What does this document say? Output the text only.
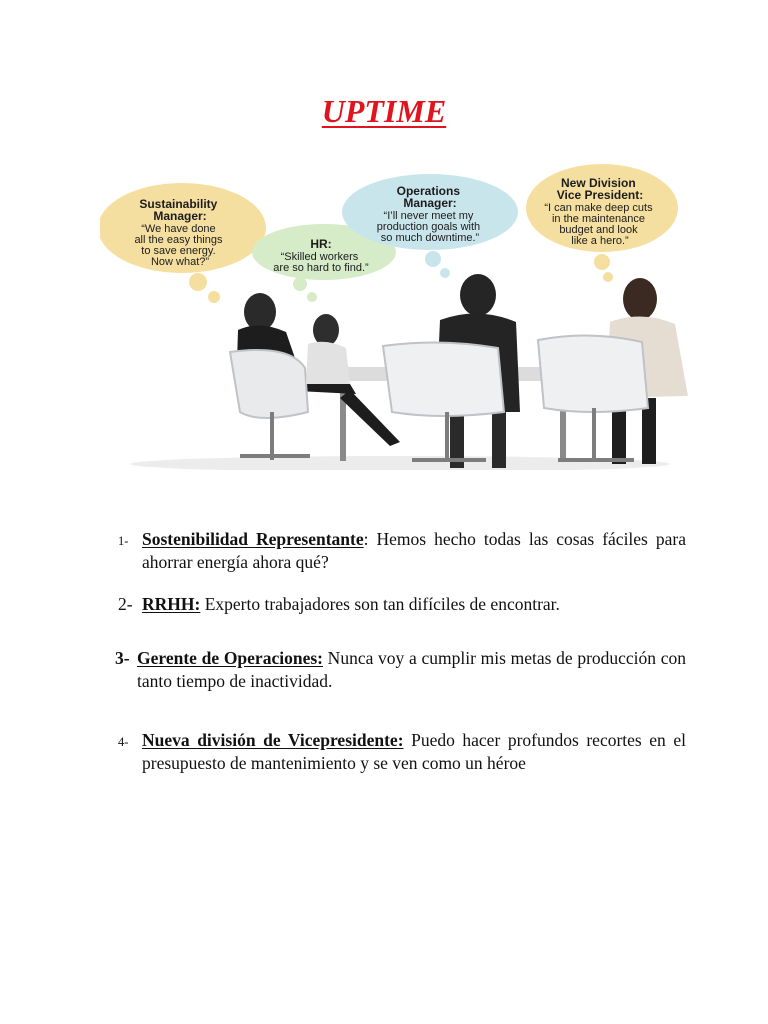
UPTIME
Sustainability Manager:
“We have done all the easy things to save energy. Now what?”
HR:
“Skilled workers are so hard to find.”
Operations Manager:
“I’ll never meet my production goals with so much downtime.”
New Division Vice President:
“I can make deep cuts in the maintenance budget and look like a hero.”
1- Sostenibilidad Representante: Hemos hecho todas las cosas fáciles para ahorrar energía ahora qué?
2- RRHH: Experto trabajadores son tan difíciles de encontrar.
3- Gerente de Operaciones: Nunca voy a cumplir mis metas de producción con tanto tiempo de inactividad.
4- Nueva división de Vicepresidente: Puedo hacer profundos recortes en el presupuesto de mantenimiento y se ven como un héroe
